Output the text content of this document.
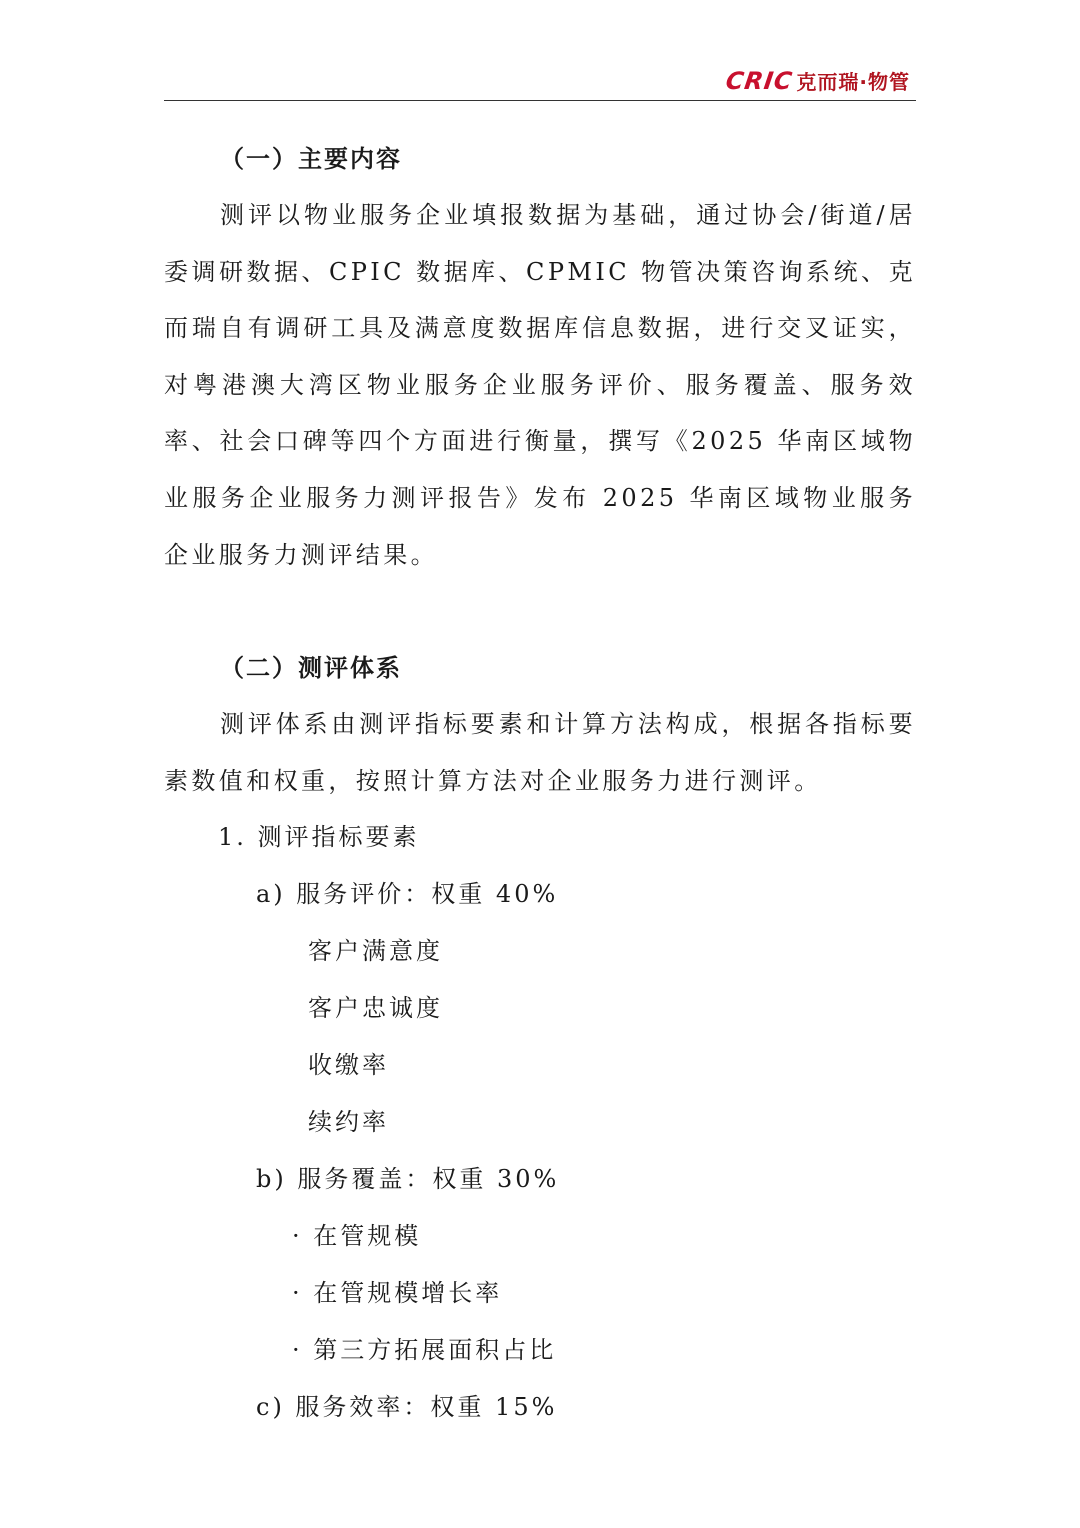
CRIC 克而瑞·物管

（一）主要内容

测评以物业服务企业填报数据为基础，通过协会/街道/居委调研数据、CPIC 数据库、CPMIC 物管决策咨询系统、克而瑞自有调研工具及满意度数据库信息数据，进行交叉证实，对粤港澳大湾区物业服务企业服务评价、服务覆盖、服务效率、社会口碑等四个方面进行衡量，撰写《2025 华南区域物业服务企业服务力测评报告》发布 2025 华南区域物业服务企业服务力测评结果。

（二）测评体系

测评体系由测评指标要素和计算方法构成，根据各指标要素数值和权重，按照计算方法对企业服务力进行测评。

1. 测评指标要素

a) 服务评价：权重 40%

客户满意度

客户忠诚度

收缴率

续约率

b) 服务覆盖：权重 30%

· 在管规模

· 在管规模增长率

· 第三方拓展面积占比

c) 服务效率：权重 15%
